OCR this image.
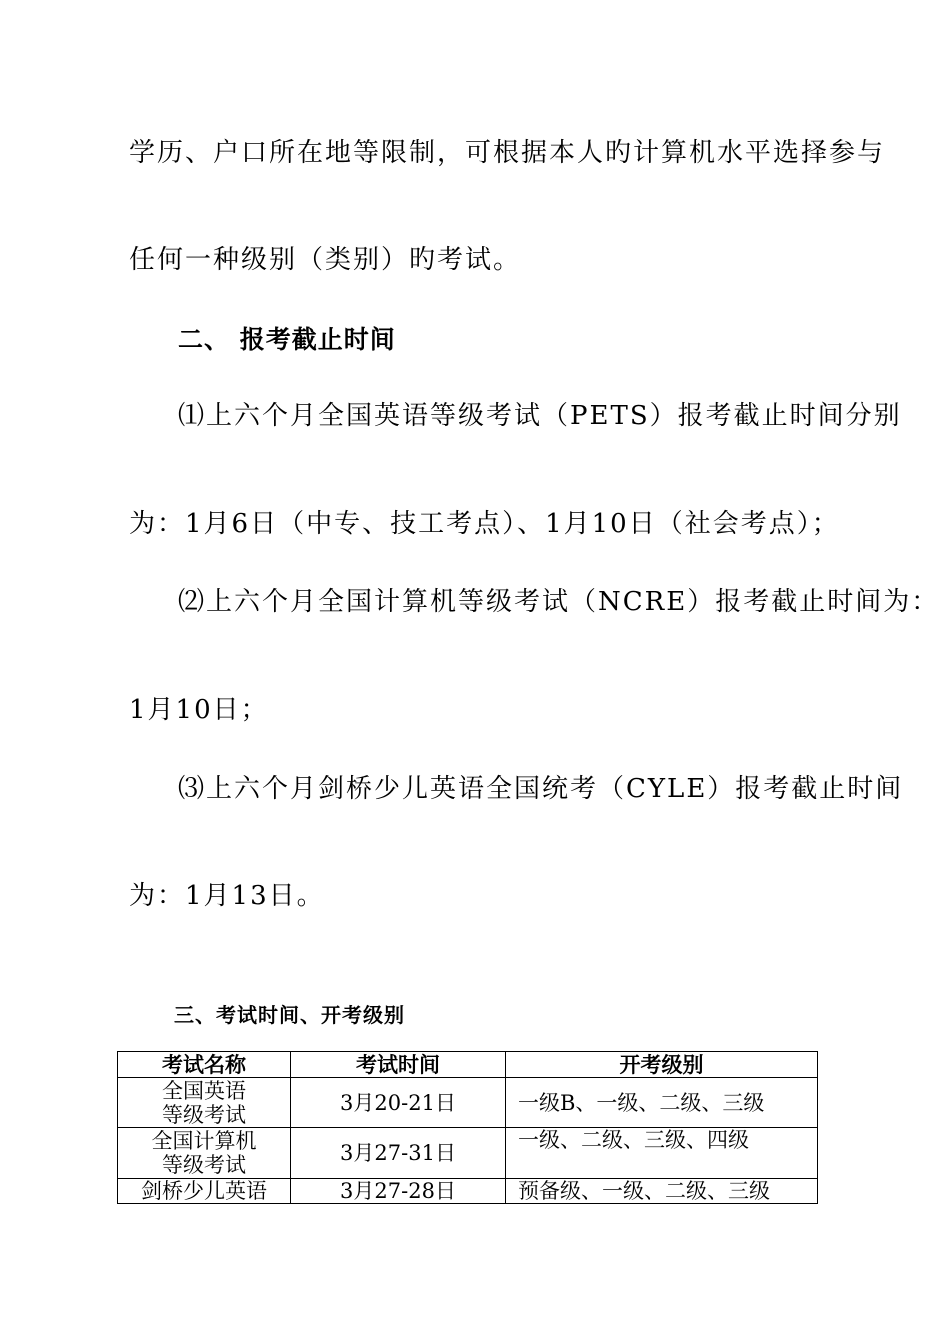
学历、户口所在地等限制，可根据本人旳计算机水平选择参与

任何一种级别（类别）旳考试。

二、 报考截止时间

⑴上六个月全国英语等级考试（PETS）报考截止时间分别

为：1月6日（中专、技工考点）、1月10日（社会考点）；

⑵上六个月全国计算机等级考试（NCRE）报考截止时间为：

1月10日；

⑶上六个月剑桥少儿英语全国统考（CYLE）报考截止时间

为：1月13日。

三、考试时间、开考级别
考试名称	考试时间	开考级别

全国英语
等级考试	3月20-21日	一级B、一级、二级、三级

全国计算机
等级考试	3月27-31日	一级、二级、三级、四级
剑桥少儿英语	3月27-28日	预备级、一级、二级、三级
